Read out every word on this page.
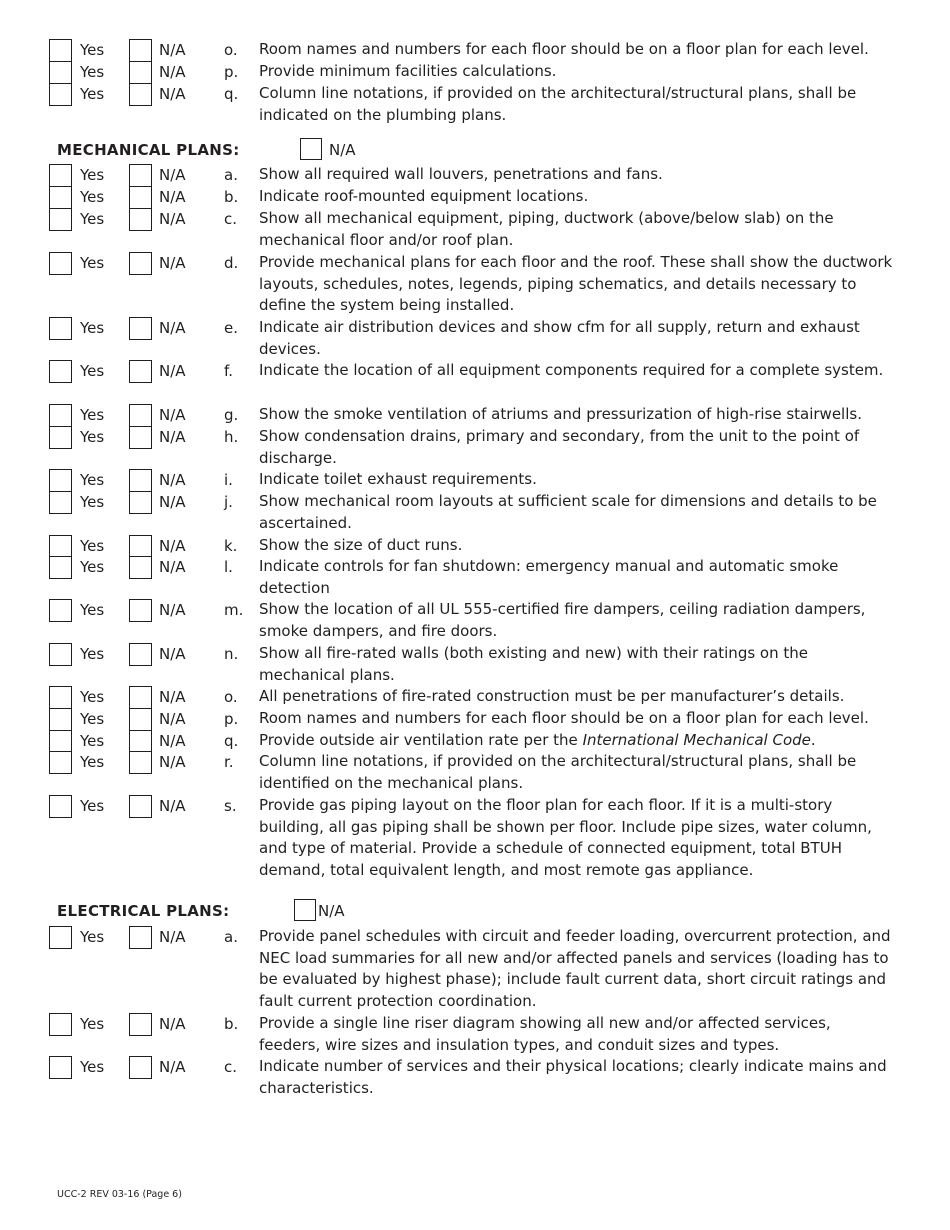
Yes	N/A	o. Room names and numbers for each floor should be on a floor plan for each level.
Yes	N/A	p. Provide minimum facilities calculations.
Yes	N/A	q. Column line notations, if provided on the architectural/structural plans, shall be indicated on the plumbing plans.
MECHANICAL PLANS:	N/A
Yes	N/A	a. Show all required wall louvers, penetrations and fans.
Yes	N/A	b. Indicate roof-mounted equipment locations.
Yes	N/A	c. Show all mechanical equipment, piping, ductwork (above/below slab) on the mechanical floor and/or roof plan.
Yes	N/A	d. Provide mechanical plans for each floor and the roof. These shall show the ductwork layouts, schedules, notes, legends, piping schematics, and details necessary to define the system being installed.
Yes	N/A	e. Indicate air distribution devices and show cfm for all supply, return and exhaust devices.
Yes	N/A	f. Indicate the location of all equipment components required for a complete system.
Yes	N/A	g. Show the smoke ventilation of atriums and pressurization of high-rise stairwells.
Yes	N/A	h. Show condensation drains, primary and secondary, from the unit to the point of discharge.
Yes	N/A	i. Indicate toilet exhaust requirements.
Yes	N/A	j. Show mechanical room layouts at sufficient scale for dimensions and details to be ascertained.
Yes	N/A	k. Show the size of duct runs.
Yes	N/A	l. Indicate controls for fan shutdown: emergency manual and automatic smoke detection
Yes	N/A	m. Show the location of all UL 555-certified fire dampers, ceiling radiation dampers, smoke dampers, and fire doors.
Yes	N/A	n. Show all fire-rated walls (both existing and new) with their ratings on the mechanical plans.
Yes	N/A	o. All penetrations of fire-rated construction must be per manufacturer’s details.
Yes	N/A	p. Room names and numbers for each floor should be on a floor plan for each level.
Yes	N/A	q. Provide outside air ventilation rate per the International Mechanical Code.
Yes	N/A	r. Column line notations, if provided on the architectural/structural plans, shall be identified on the mechanical plans.
Yes	N/A	s. Provide gas piping layout on the floor plan for each floor. If it is a multi-story building, all gas piping shall be shown per floor. Include pipe sizes, water column, and type of material. Provide a schedule of connected equipment, total BTUH demand, total equivalent length, and most remote gas appliance.
ELECTRICAL PLANS:	N/A
Yes	N/A	a. Provide panel schedules with circuit and feeder loading, overcurrent protection, and NEC load summaries for all new and/or affected panels and services (loading has to be evaluated by highest phase); include fault current data, short circuit ratings and fault current protection coordination.
Yes	N/A	b. Provide a single line riser diagram showing all new and/or affected services, feeders, wire sizes and insulation types, and conduit sizes and types.
Yes	N/A	c. Indicate number of services and their physical locations; clearly indicate mains and characteristics.
UCC-2 REV 03-16 (Page 6)
